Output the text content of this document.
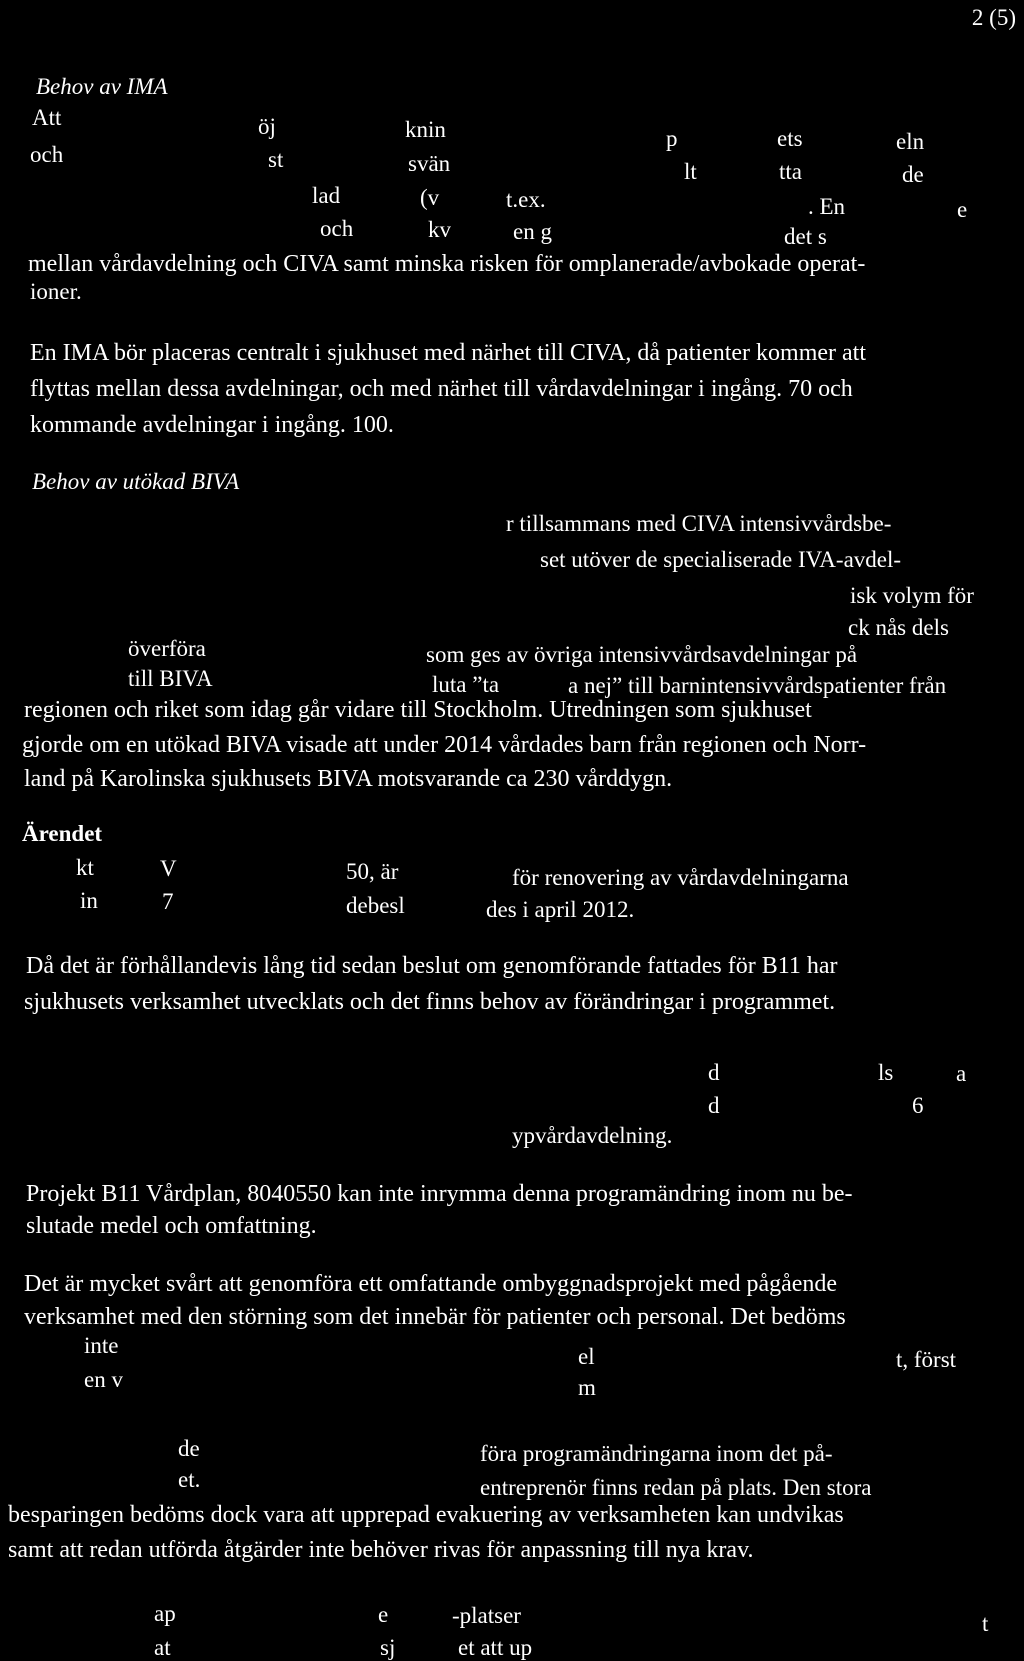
2 (5)
Behov av IMA
Att	öj	knin	p	ets	eln
och	st	svän	lt	tta	de
lad	(v	t.ex.	. En	e
och	kv	en g	det s
mellan vårdavdelning och CIVA samt minska risken för omplanerade/avbokade operat-
ioner.
En IMA bör placeras centralt i sjukhuset med närhet till CIVA, då patienter kommer att
flyttas mellan dessa avdelningar, och med närhet till vårdavdelningar i ingång. 70 och
kommande avdelningar i ingång. 100.
Behov av utökad BIVA
r tillsammans med CIVA intensivvårdsbe-
set utöver de specialiserade IVA-avdel-
isk volym för
ck nås dels
överföra	som ges av övriga intensivvårdsavdelningar på
till BIVA	luta ”ta	a nej” till barnintensivvårdspatienter från
regionen och riket som idag går vidare till Stockholm. Utredningen som sjukhuset
gjorde om en utökad BIVA visade att under 2014 vårdades barn från regionen och Norr-
land på Karolinska sjukhusets BIVA motsvarande ca 230 vårddygn.
Ärendet
kt	V	50, är	för renovering av vårdavdelningarna
in	7	debesl	des i april 2012.
Då det är förhållandevis lång tid sedan beslut om genomförande fattades för B11 har
sjukhusets verksamhet utvecklats och det finns behov av förändringar i programmet.
d	ls	a
d	6
ypvårdavdelning.
Projekt B11 Vårdplan, 8040550 kan inte inrymma denna programändring inom nu be-
slutade medel och omfattning.
Det är mycket svårt att genomföra ett omfattande ombyggnadsprojekt med pågående
verksamhet med den störning som det innebär för patienter och personal. Det bedöms
inte	el	t, först
en v	m
de	föra programändringarna inom det på-
et.	entreprenör finns redan på plats. Den stora
besparingen bedöms dock vara att upprepad evakuering av verksamheten kan undvikas
samt att redan utförda åtgärder inte behöver rivas för anpassning till nya krav.
ap	e	-platser	t
at	sj	et att up
